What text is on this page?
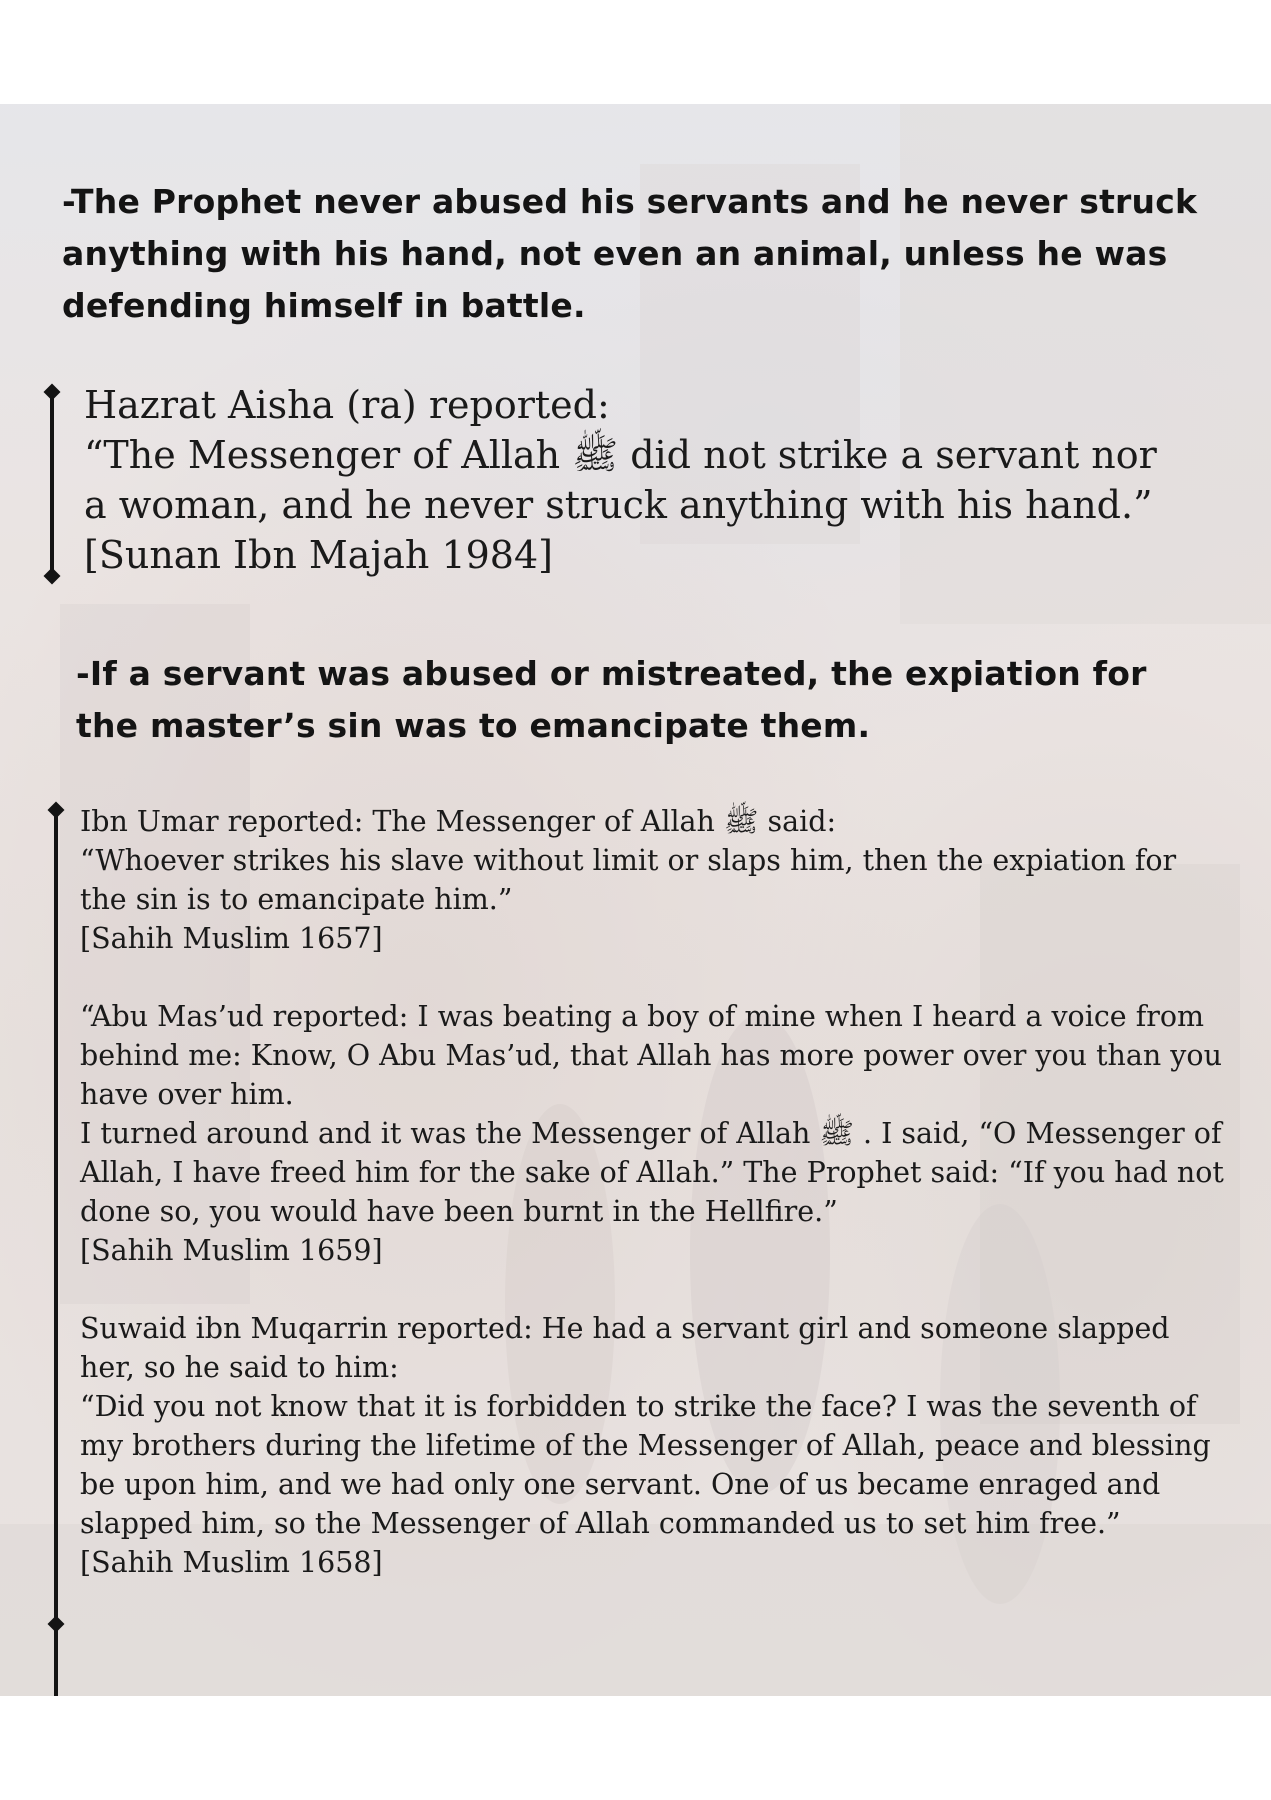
-The Prophet never abused his servants and he never struck anything with his hand, not even an animal, unless he was defending himself in battle.

Hazrat Aisha (ra) reported:

“The Messenger of Allah ﷺ did not strike a servant nor a woman, and he never struck anything with his hand.”

[Sunan Ibn Majah 1984]

-If a servant was abused or mistreated, the expiation for the master’s sin was to emancipate them.

Ibn Umar reported: The Messenger of Allah ﷺ said:

“Whoever strikes his slave without limit or slaps him, then the expiation for the sin is to emancipate him.”

[Sahih Muslim 1657]

“Abu Mas’ud reported: I was beating a boy of mine when I heard a voice from behind me: Know, O Abu Mas’ud, that Allah has more power over you than you have over him.

I turned around and it was the Messenger of Allah ﷺ . I said, “O Messenger of Allah, I have freed him for the sake of Allah.” The Prophet said: “If you had not done so, you would have been burnt in the Hellfire.”

[Sahih Muslim 1659]

Suwaid ibn Muqarrin reported: He had a servant girl and someone slapped her, so he said to him:

“Did you not know that it is forbidden to strike the face? I was the seventh of my brothers during the lifetime of the Messenger of Allah, peace and blessing be upon him, and we had only one servant. One of us became enraged and slapped him, so the Messenger of Allah commanded us to set him free.”

[Sahih Muslim 1658]
